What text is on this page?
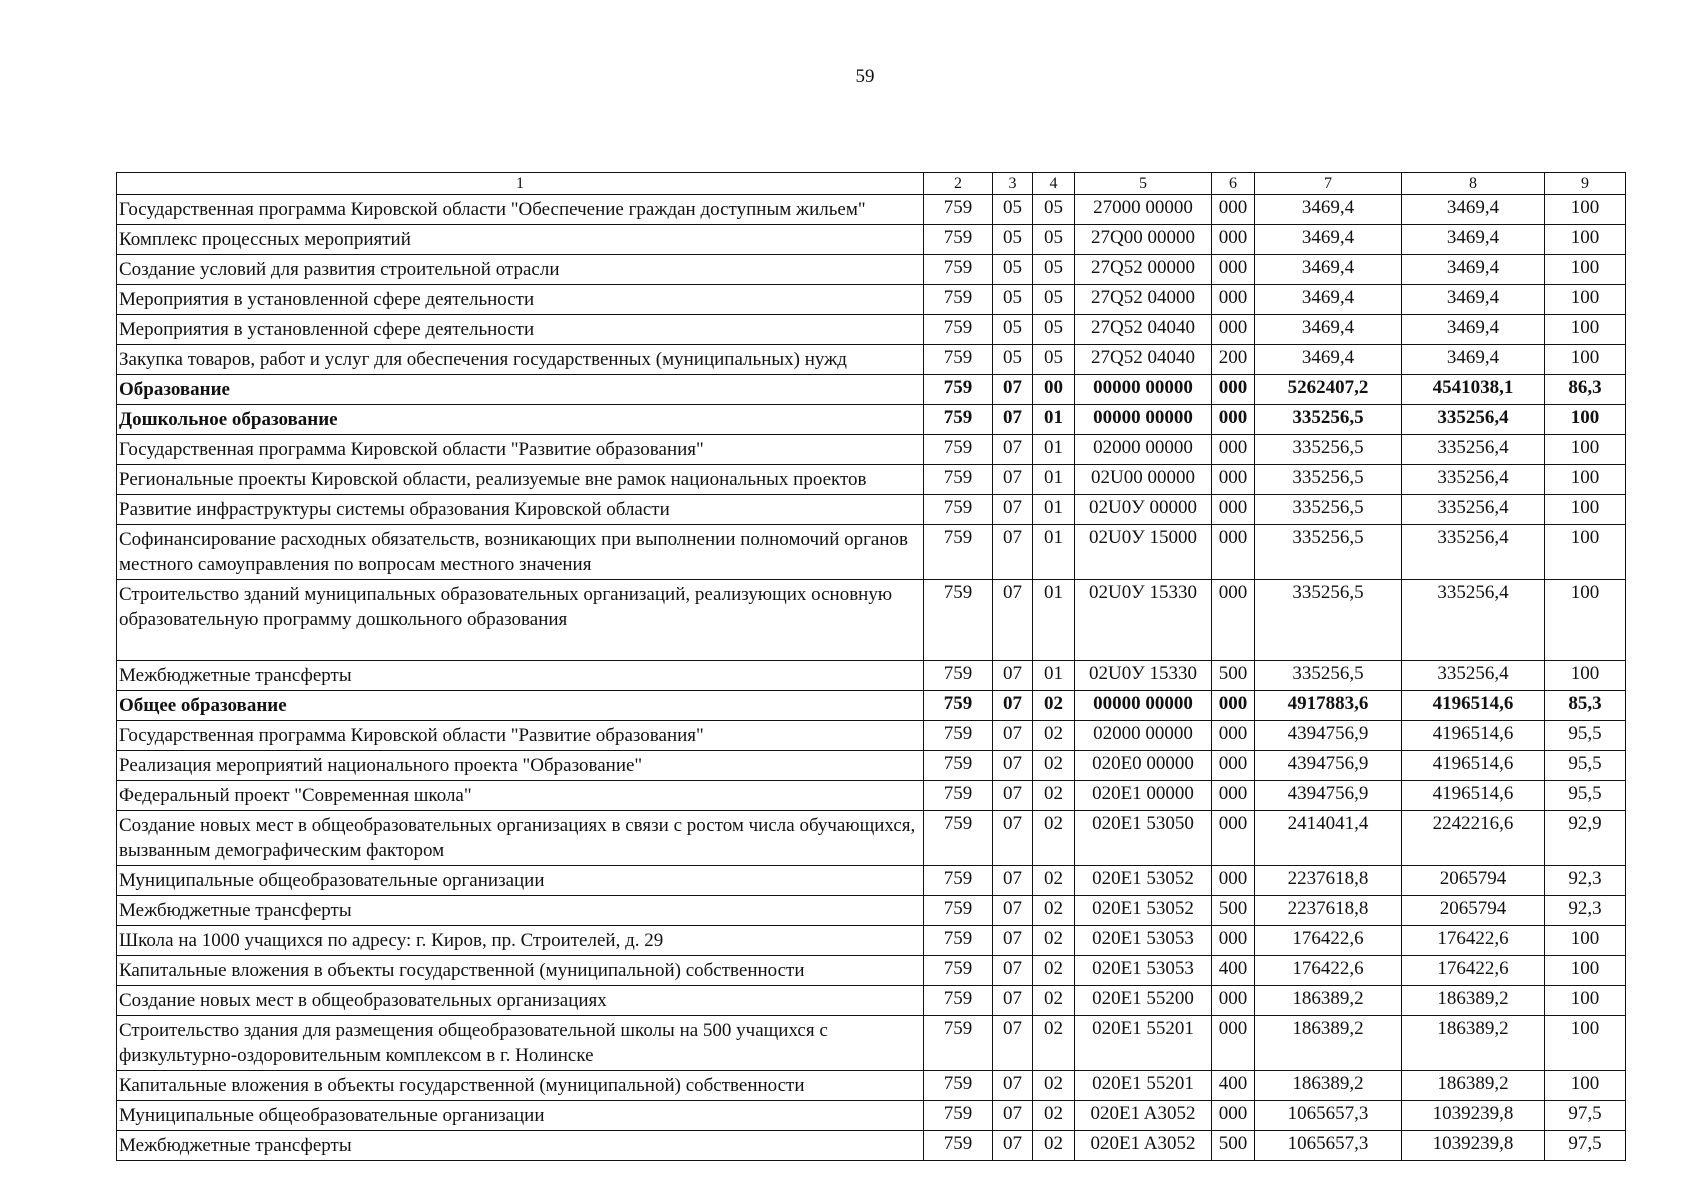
59
1	2	3	4	5	6	7	8	9
Государственная программа Кировской области "Обеспечение граждан доступным жильем"	759	05	05	27000 00000	000	3469,4	3469,4	100
Комплекс процессных мероприятий	759	05	05	27Q00 00000	000	3469,4	3469,4	100
Создание условий для развития строительной отрасли	759	05	05	27Q52 00000	000	3469,4	3469,4	100
Мероприятия в установленной сфере деятельности	759	05	05	27Q52 04000	000	3469,4	3469,4	100
Мероприятия в установленной сфере деятельности	759	05	05	27Q52 04040	000	3469,4	3469,4	100
Закупка товаров, работ и услуг для обеспечения государственных (муниципальных) нужд	759	05	05	27Q52 04040	200	3469,4	3469,4	100
Образование	759	07	00	00000 00000	000	5262407,2	4541038,1	86,3
Дошкольное образование	759	07	01	00000 00000	000	335256,5	335256,4	100
Государственная программа Кировской области "Развитие образования"	759	07	01	02000 00000	000	335256,5	335256,4	100
Региональные проекты Кировской области, реализуемые вне рамок национальных проектов	759	07	01	02U00 00000	000	335256,5	335256,4	100
Развитие инфраструктуры системы образования Кировской области	759	07	01	02U0У 00000	000	335256,5	335256,4	100
Софинансирование расходных обязательств, возникающих при выполнении полномочий органов местного самоуправления по вопросам местного значения	759	07	01	02U0У 15000	000	335256,5	335256,4	100
Строительство зданий муниципальных образовательных организаций, реализующих основную образовательную программу дошкольного образования	759	07	01	02U0У 15330	000	335256,5	335256,4	100
Межбюджетные трансферты	759	07	01	02U0У 15330	500	335256,5	335256,4	100
Общее образование	759	07	02	00000 00000	000	4917883,6	4196514,6	85,3
Государственная программа Кировской области "Развитие образования"	759	07	02	02000 00000	000	4394756,9	4196514,6	95,5
Реализация мероприятий национального проекта "Образование"	759	07	02	020E0 00000	000	4394756,9	4196514,6	95,5
Федеральный проект "Современная школа"	759	07	02	020E1 00000	000	4394756,9	4196514,6	95,5
Создание новых мест в общеобразовательных организациях в связи с ростом числа обучающихся, вызванным демографическим фактором	759	07	02	020E1 53050	000	2414041,4	2242216,6	92,9
Муниципальные общеобразовательные организации	759	07	02	020E1 53052	000	2237618,8	2065794	92,3
Межбюджетные трансферты	759	07	02	020E1 53052	500	2237618,8	2065794	92,3
Школа на 1000 учащихся по адресу: г. Киров, пр. Строителей, д. 29	759	07	02	020E1 53053	000	176422,6	176422,6	100
Капитальные вложения в объекты государственной (муниципальной) собственности	759	07	02	020E1 53053	400	176422,6	176422,6	100
Создание новых мест в общеобразовательных организациях	759	07	02	020E1 55200	000	186389,2	186389,2	100
Строительство здания для размещения общеобразовательной школы на 500 учащихся с физкультурно-оздоровительным комплексом в г. Нолинске	759	07	02	020E1 55201	000	186389,2	186389,2	100
Капитальные вложения в объекты государственной (муниципальной) собственности	759	07	02	020E1 55201	400	186389,2	186389,2	100
Муниципальные общеобразовательные организации	759	07	02	020E1 A3052	000	1065657,3	1039239,8	97,5
Межбюджетные трансферты	759	07	02	020E1 A3052	500	1065657,3	1039239,8	97,5
